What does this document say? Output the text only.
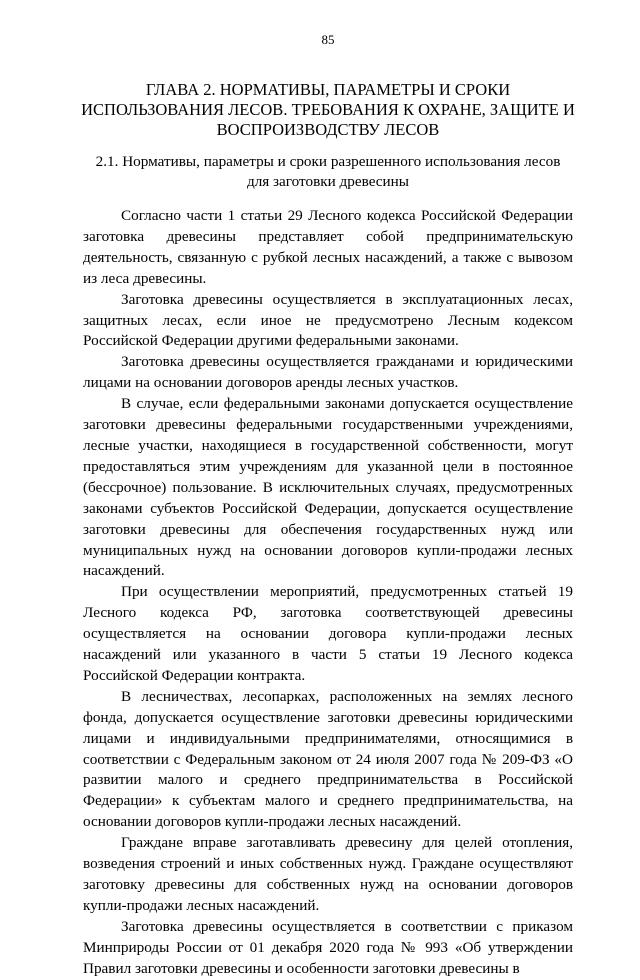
85
ГЛАВА 2. НОРМАТИВЫ, ПАРАМЕТРЫ И СРОКИ ИСПОЛЬЗОВАНИЯ ЛЕСОВ. ТРЕБОВАНИЯ К ОХРАНЕ, ЗАЩИТЕ И ВОСПРОИЗВОДСТВУ ЛЕСОВ
2.1. Нормативы, параметры и сроки разрешенного использования лесов для заготовки древесины

Согласно части 1 статьи 29 Лесного кодекса Российской Федерации заготовка древесины представляет собой предпринимательскую деятельность, связанную с рубкой лесных насаждений, а также с вывозом из леса древесины.

Заготовка древесины осуществляется в эксплуатационных лесах, защитных лесах, если иное не предусмотрено Лесным кодексом Российской Федерации другими федеральными законами.

Заготовка древесины осуществляется гражданами и юридическими лицами на основании договоров аренды лесных участков.

В случае, если федеральными законами допускается осуществление заготовки древесины федеральными государственными учреждениями, лесные участки, находящиеся в государственной собственности, могут предоставляться этим учреждениям для указанной цели в постоянное (бессрочное) пользование. В исключительных случаях, предусмотренных законами субъектов Российской Федерации, допускается осуществление заготовки древесины для обеспечения государственных нужд или муниципальных нужд на основании договоров купли-продажи лесных насаждений.

При осуществлении мероприятий, предусмотренных статьей 19 Лесного кодекса РФ, заготовка соответствующей древесины осуществляется на основании договора купли-продажи лесных насаждений или указанного в части 5 статьи 19 Лесного кодекса Российской Федерации контракта.

В лесничествах, лесопарках, расположенных на землях лесного фонда, допускается осуществление заготовки древесины юридическими лицами и индивидуальными предпринимателями, относящимися в соответствии с Федеральным законом от 24 июля 2007 года № 209-ФЗ «О развитии малого и среднего предпринимательства в Российской Федерации» к субъектам малого и среднего предпринимательства, на основании договоров купли-продажи лесных насаждений.

Граждане вправе заготавливать древесину для целей отопления, возведения строений и иных собственных нужд. Граждане осуществляют заготовку древесины для собственных нужд на основании договоров купли-продажи лесных насаждений.

Заготовка древесины осуществляется в соответствии с приказом Минприроды России от 01 декабря 2020 года № 993 «Об утверждении Правил заготовки древесины и особенности заготовки древесины в
